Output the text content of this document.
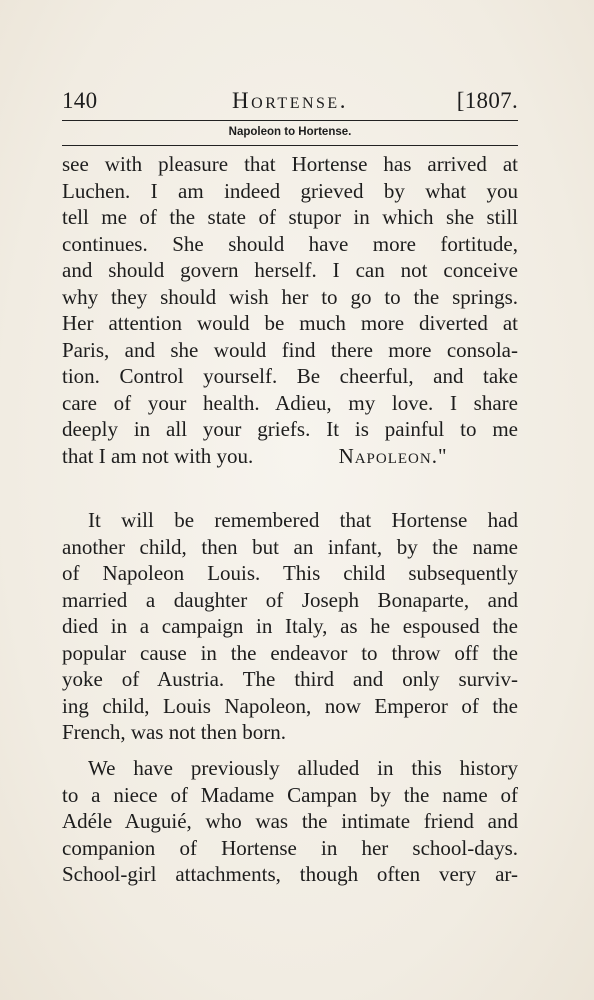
140	Hortense.	[1807.
Napoleon to Hortense.
see with pleasure that Hortense has arrived at
Luchen. I am indeed grieved by what you
tell me of the state of stupor in which she still
continues. She should have more fortitude,
and should govern herself. I can not conceive
why they should wish her to go to the springs.
Her attention would be much more diverted at
Paris, and she would find there more consola-
tion. Control yourself. Be cheerful, and take
care of your health. Adieu, my love. I share
deeply in all your griefs. It is painful to me
that I am not with you.	Napoleon."
It will be remembered that Hortense had
another child, then but an infant, by the name
of Napoleon Louis. This child subsequently
married a daughter of Joseph Bonaparte, and
died in a campaign in Italy, as he espoused the
popular cause in the endeavor to throw off the
yoke of Austria. The third and only surviv-
ing child, Louis Napoleon, now Emperor of the
French, was not then born.
We have previously alluded in this history
to a niece of Madame Campan by the name of
Adéle Auguié, who was the intimate friend and
companion of Hortense in her school-days.
School-girl attachments, though often very ar-
